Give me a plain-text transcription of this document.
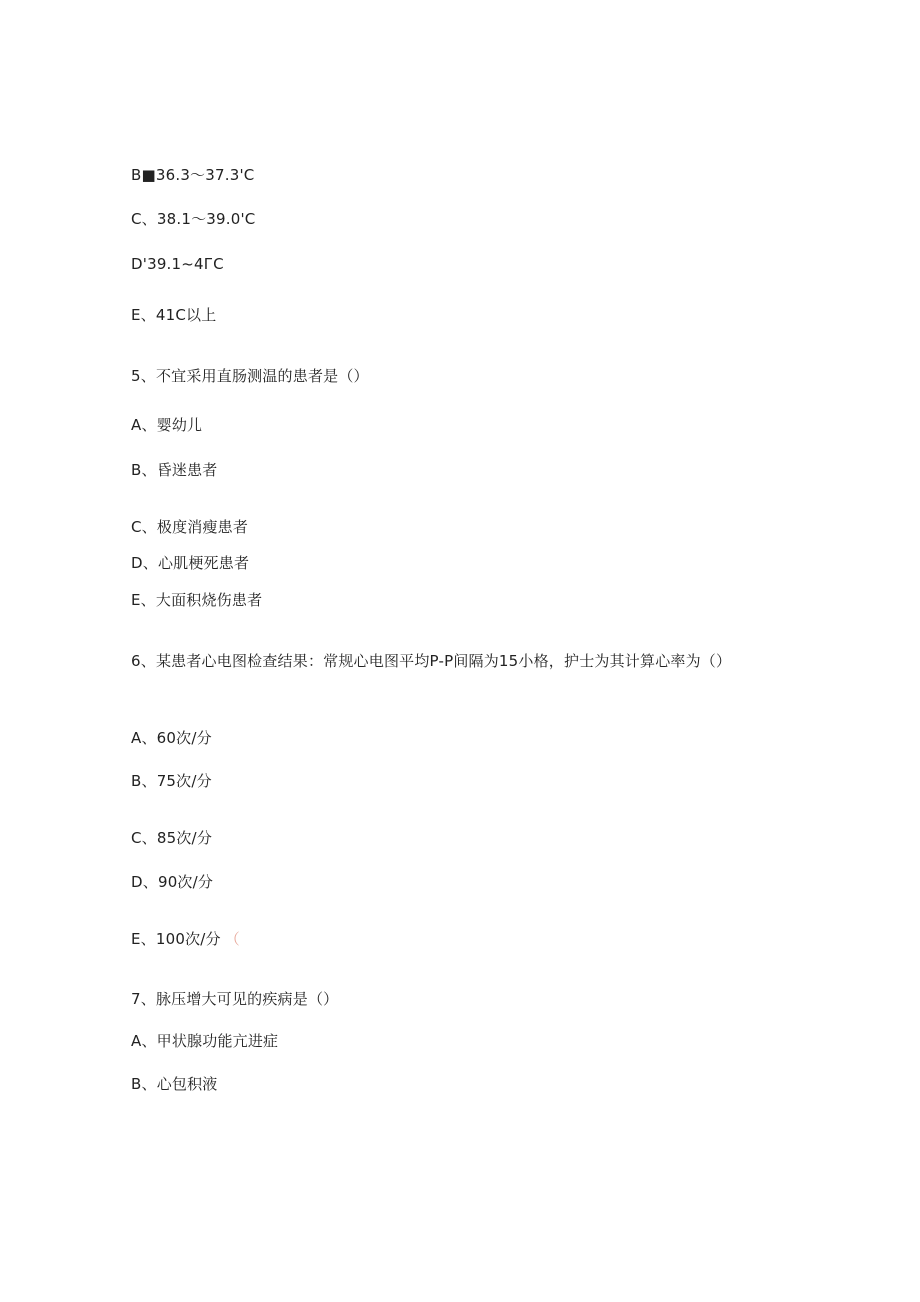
B■36.3～37.3'C
C、38.1～39.0'C
D'39.1~4ГC
E、41C以上
5、不宜采用直肠测温的患者是（）
A、婴幼儿
B、昏迷患者
C、极度消瘦患者
D、心肌梗死患者
E、大面积烧伤患者
6、某患者心电图检查结果：常规心电图平均P-P间隔为15小格，护士为其计算心率为（）
A、60次/分
B、75次/分
C、85次/分
D、90次/分
E、100次/分 （
7、脉压增大可见的疾病是（）
A、甲状腺功能亢进症
B、心包积液
